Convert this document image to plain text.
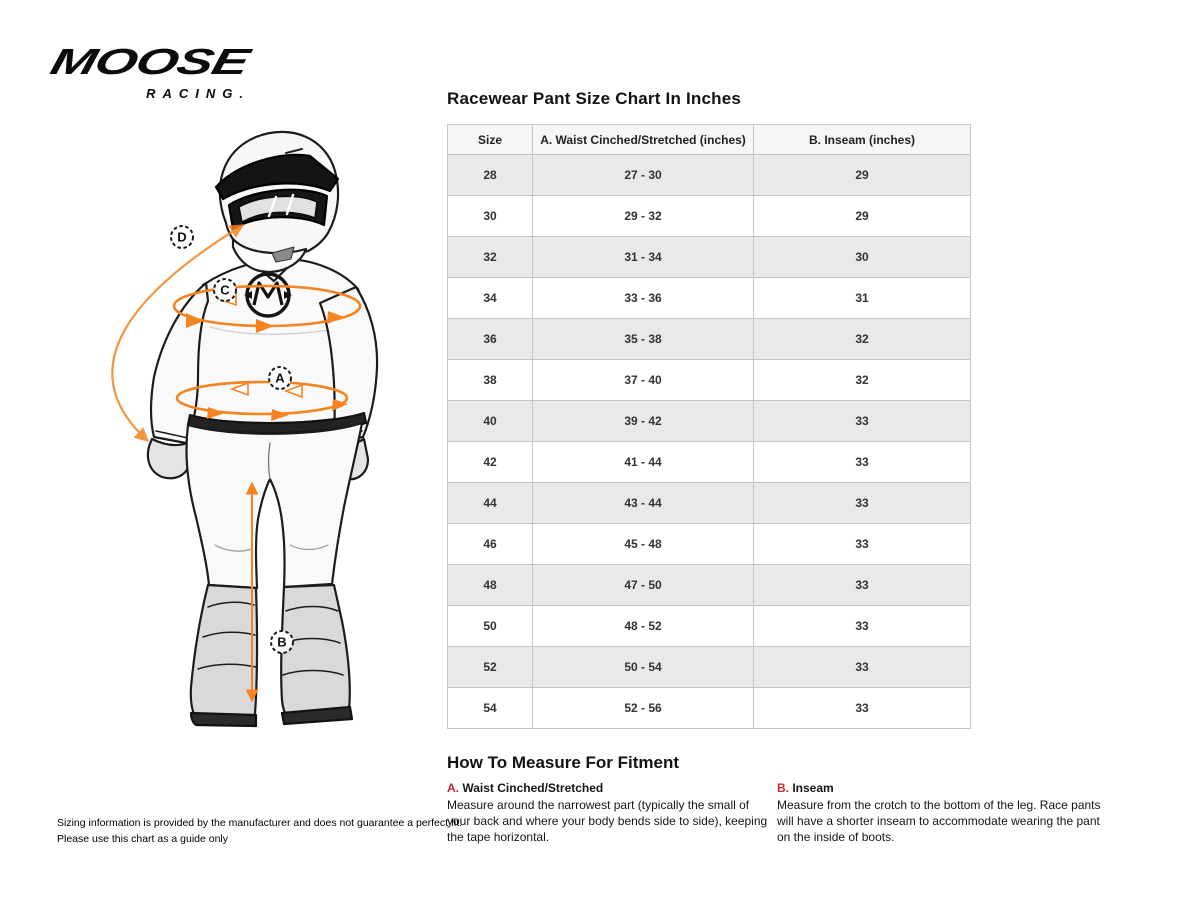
MOOSE
RACING.
D
C
A
B
Racewear Pant Size Chart In Inches
Size	A. Waist Cinched/Stretched (inches)	B. Inseam (inches)
28	27 - 30	29
30	29 - 32	29
32	31 - 34	30
34	33 - 36	31
36	35 - 38	32
38	37 - 40	32
40	39 - 42	33
42	41 - 44	33
44	43 - 44	33
46	45 - 48	33
48	47 - 50	33
50	48 - 52	33
52	50 - 54	33
54	52 - 56	33
How To Measure For Fitment
A. Waist Cinched/Stretched
Measure around the narrowest part (typically the small of your back and where your body bends side to side), keeping the tape horizontal.
B. Inseam
Measure from the crotch to the bottom of the leg. Race pants will have a shorter inseam to accommodate wearing the pant on the inside of boots.
Sizing information is provided by the manufacturer and does not guarantee a perfect fit.
Please use this chart as a guide only
